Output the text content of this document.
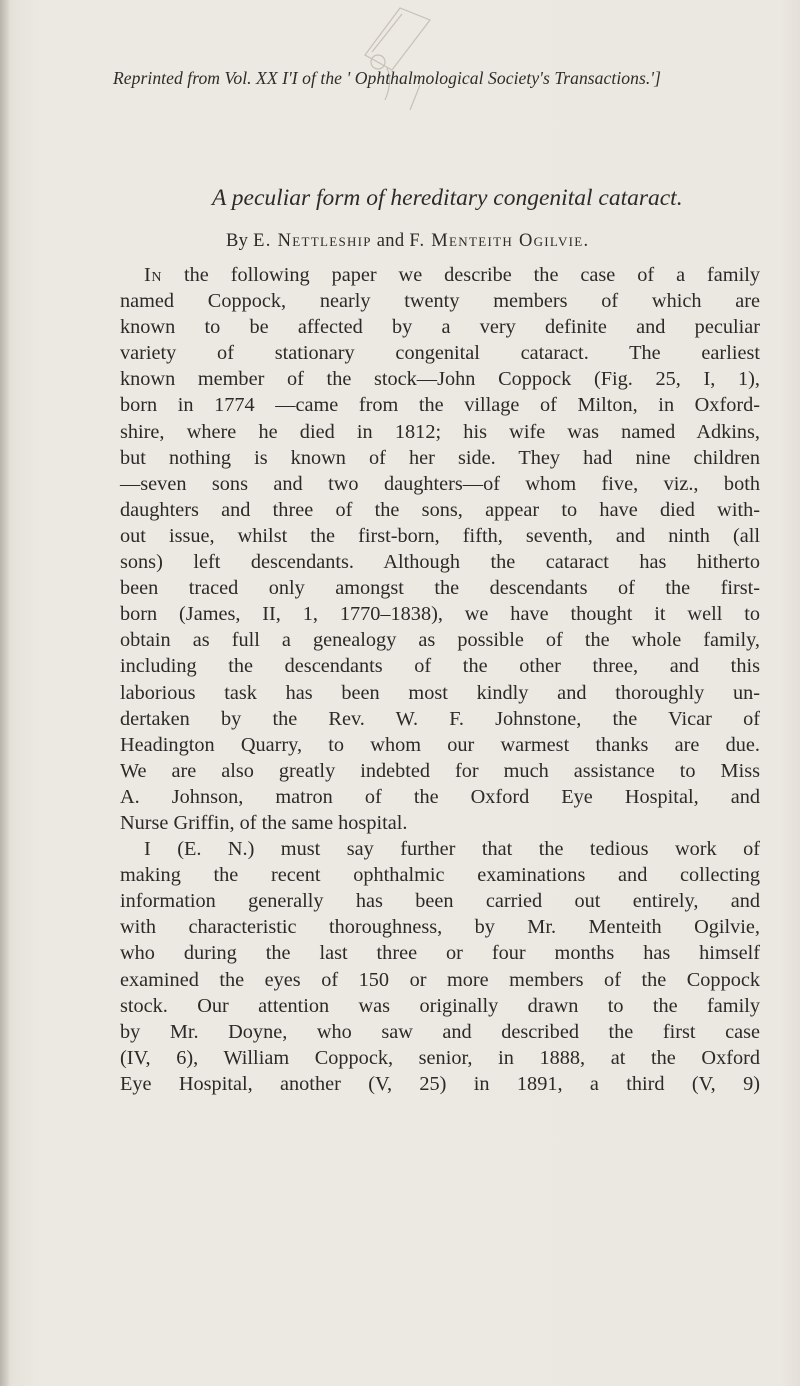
Reprinted from Vol. XX I'I of the ' Ophthalmological Society's Transactions.']
A peculiar form of hereditary congenital cataract.
By E. Nettleship and F. Menteith Ogilvie.
In the following paper we describe the case of a family
named Coppock, nearly twenty members of which are
known to be affected by a very definite and peculiar
variety of stationary congenital cataract. The earliest
known member of the stock—John Coppock (Fig. 25, I, 1),
born in 1774 —came from the village of Milton, in Oxford-
shire, where he died in 1812; his wife was named Adkins,
but nothing is known of her side. They had nine children
—seven sons and two daughters—of whom five, viz., both
daughters and three of the sons, appear to have died with-
out issue, whilst the first-born, fifth, seventh, and ninth (all
sons) left descendants. Although the cataract has hitherto
been traced only amongst the descendants of the first-
born (James, II, 1, 1770–1838), we have thought it well to
obtain as full a genealogy as possible of the whole family,
including the descendants of the other three, and this
laborious task has been most kindly and thoroughly un-
dertaken by the Rev. W. F. Johnstone, the Vicar of
Headington Quarry, to whom our warmest thanks are due.
We are also greatly indebted for much assistance to Miss
A. Johnson, matron of the Oxford Eye Hospital, and
Nurse Griffin, of the same hospital.
I (E. N.) must say further that the tedious work of
making the recent ophthalmic examinations and collecting
information generally has been carried out entirely, and
with characteristic thoroughness, by Mr. Menteith Ogilvie,
who during the last three or four months has himself
examined the eyes of 150 or more members of the Coppock
stock. Our attention was originally drawn to the family
by Mr. Doyne, who saw and described the first case
(IV, 6), William Coppock, senior, in 1888, at the Oxford
Eye Hospital, another (V, 25) in 1891, a third (V, 9)
